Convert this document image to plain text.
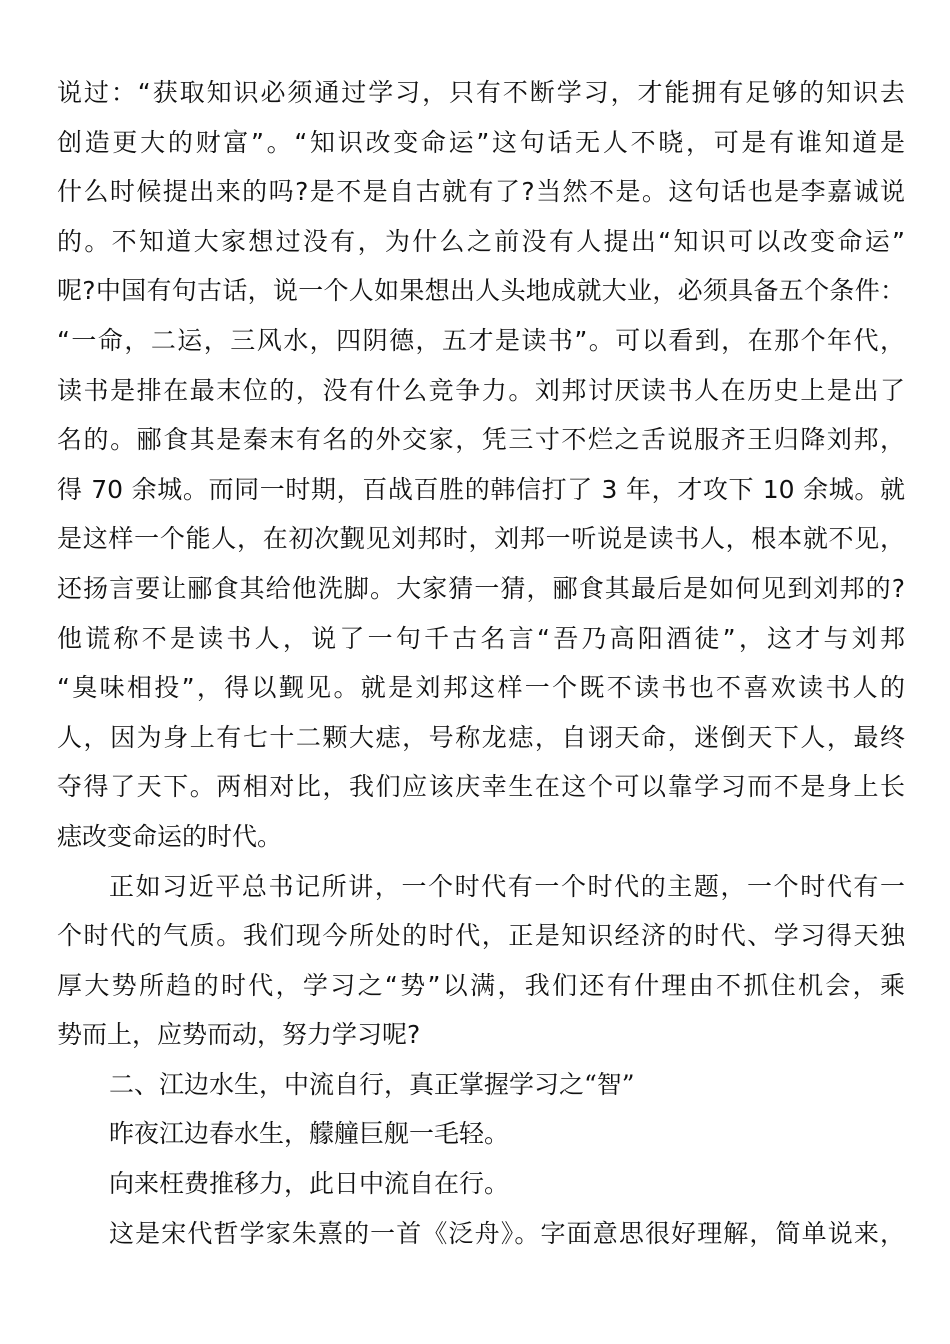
说过：“获取知识必须通过学习，只有不断学习，才能拥有足够的知识去
创造更大的财富”。“知识改变命运”这句话无人不晓，可是有谁知道是
什么时候提出来的吗?是不是自古就有了?当然不是。这句话也是李嘉诚说
的。不知道大家想过没有，为什么之前没有人提出“知识可以改变命运”
呢?中国有句古话，说一个人如果想出人头地成就大业，必须具备五个条件：
“一命，二运，三风水，四阴德，五才是读书”。可以看到，在那个年代，
读书是排在最末位的，没有什么竞争力。刘邦讨厌读书人在历史上是出了
名的。郦食其是秦末有名的外交家，凭三寸不烂之舌说服齐王归降刘邦，
得 70 余城。而同一时期，百战百胜的韩信打了 3 年，才攻下 10 余城。就
是这样一个能人，在初次觐见刘邦时，刘邦一听说是读书人，根本就不见，
还扬言要让郦食其给他洗脚。大家猜一猜，郦食其最后是如何见到刘邦的?
他谎称不是读书人，说了一句千古名言“吾乃高阳酒徒”，这才与刘邦
“臭味相投”，得以觐见。就是刘邦这样一个既不读书也不喜欢读书人的
人，因为身上有七十二颗大痣，号称龙痣，自诩天命，迷倒天下人，最终
夺得了天下。两相对比，我们应该庆幸生在这个可以靠学习而不是身上长
痣改变命运的时代。
正如习近平总书记所讲，一个时代有一个时代的主题，一个时代有一
个时代的气质。我们现今所处的时代，正是知识经济的时代、学习得天独
厚大势所趋的时代，学习之“势”以满，我们还有什理由不抓住机会，乘
势而上，应势而动，努力学习呢?
二、江边水生，中流自行，真正掌握学习之“智”
昨夜江边春水生，艨艟巨舰一毛轻。
向来枉费推移力，此日中流自在行。
这是宋代哲学家朱熹的一首《泛舟》。字面意思很好理解，简单说来，
